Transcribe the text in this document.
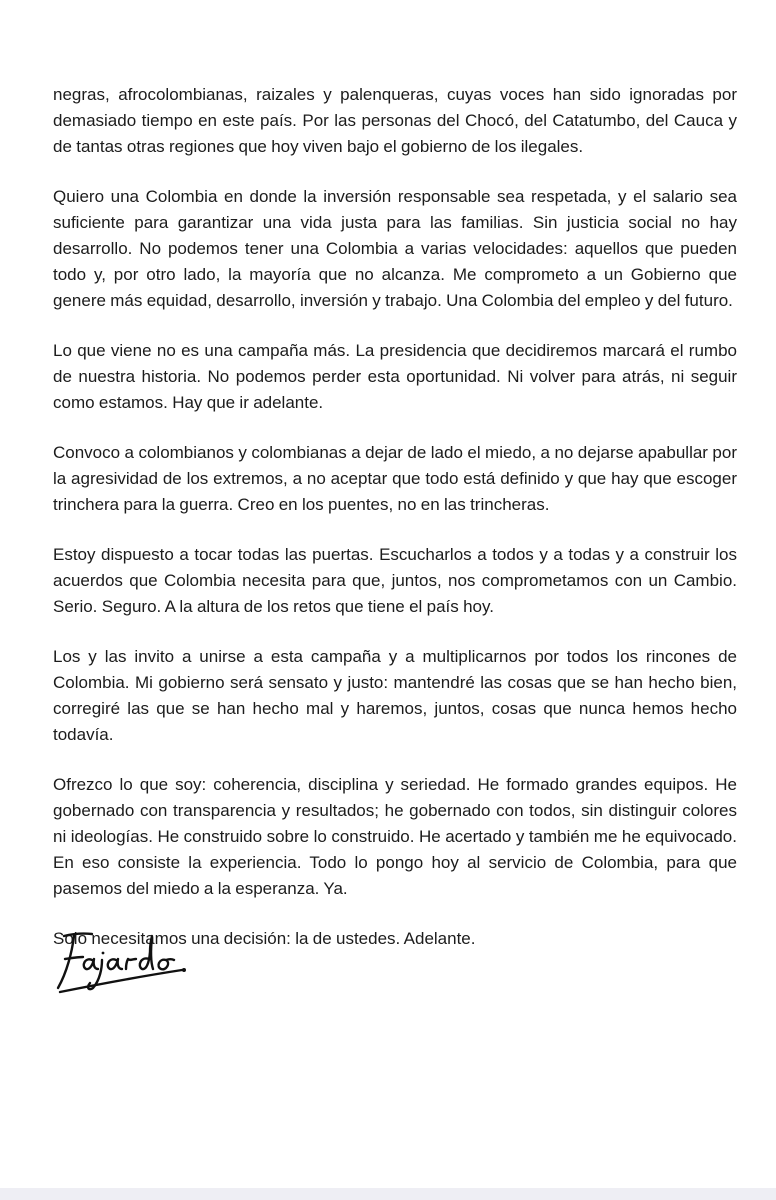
negras, afrocolombianas, raizales y palenqueras, cuyas voces han sido ignoradas por demasiado tiempo en este país. Por las personas del Chocó, del Catatumbo, del Cauca y de tantas otras regiones que hoy viven bajo el gobierno de los ilegales.

Quiero una Colombia en donde la inversión responsable sea respetada, y el salario sea suficiente para garantizar una vida justa para las familias. Sin justicia social no hay desarrollo. No podemos tener una Colombia a varias velocidades: aquellos que pueden todo y, por otro lado, la mayoría que no alcanza. Me comprometo a un Gobierno que genere más equidad, desarrollo, inversión y trabajo. Una Colombia del empleo y del futuro.

Lo que viene no es una campaña más. La presidencia que decidiremos marcará el rumbo de nuestra historia. No podemos perder esta oportunidad. Ni volver para atrás, ni seguir como estamos. Hay que ir adelante.

Convoco a colombianos y colombianas a dejar de lado el miedo, a no dejarse apabullar por la agresividad de los extremos, a no aceptar que todo está definido y que hay que escoger trinchera para la guerra. Creo en los puentes, no en las trincheras.

Estoy dispuesto a tocar todas las puertas. Escucharlos a todos y a todas y a construir los acuerdos que Colombia necesita para que, juntos, nos comprometamos con un Cambio. Serio. Seguro. A la altura de los retos que tiene el país hoy.

Los y las invito a unirse a esta campaña y a multiplicarnos por todos los rincones de Colombia. Mi gobierno será sensato y justo: mantendré las cosas que se han hecho bien, corregiré las que se han hecho mal y haremos, juntos, cosas que nunca hemos hecho todavía.

Ofrezco lo que soy: coherencia, disciplina y seriedad. He formado grandes equipos. He gobernado con transparencia y resultados; he gobernado con todos, sin distinguir colores ni ideologías. He construido sobre lo construido. He acertado y también me he equivocado. En eso consiste la experiencia. Todo lo pongo hoy al servicio de Colombia, para que pasemos del miedo a la esperanza. Ya.

Solo necesitamos una decisión: la de ustedes. Adelante.
